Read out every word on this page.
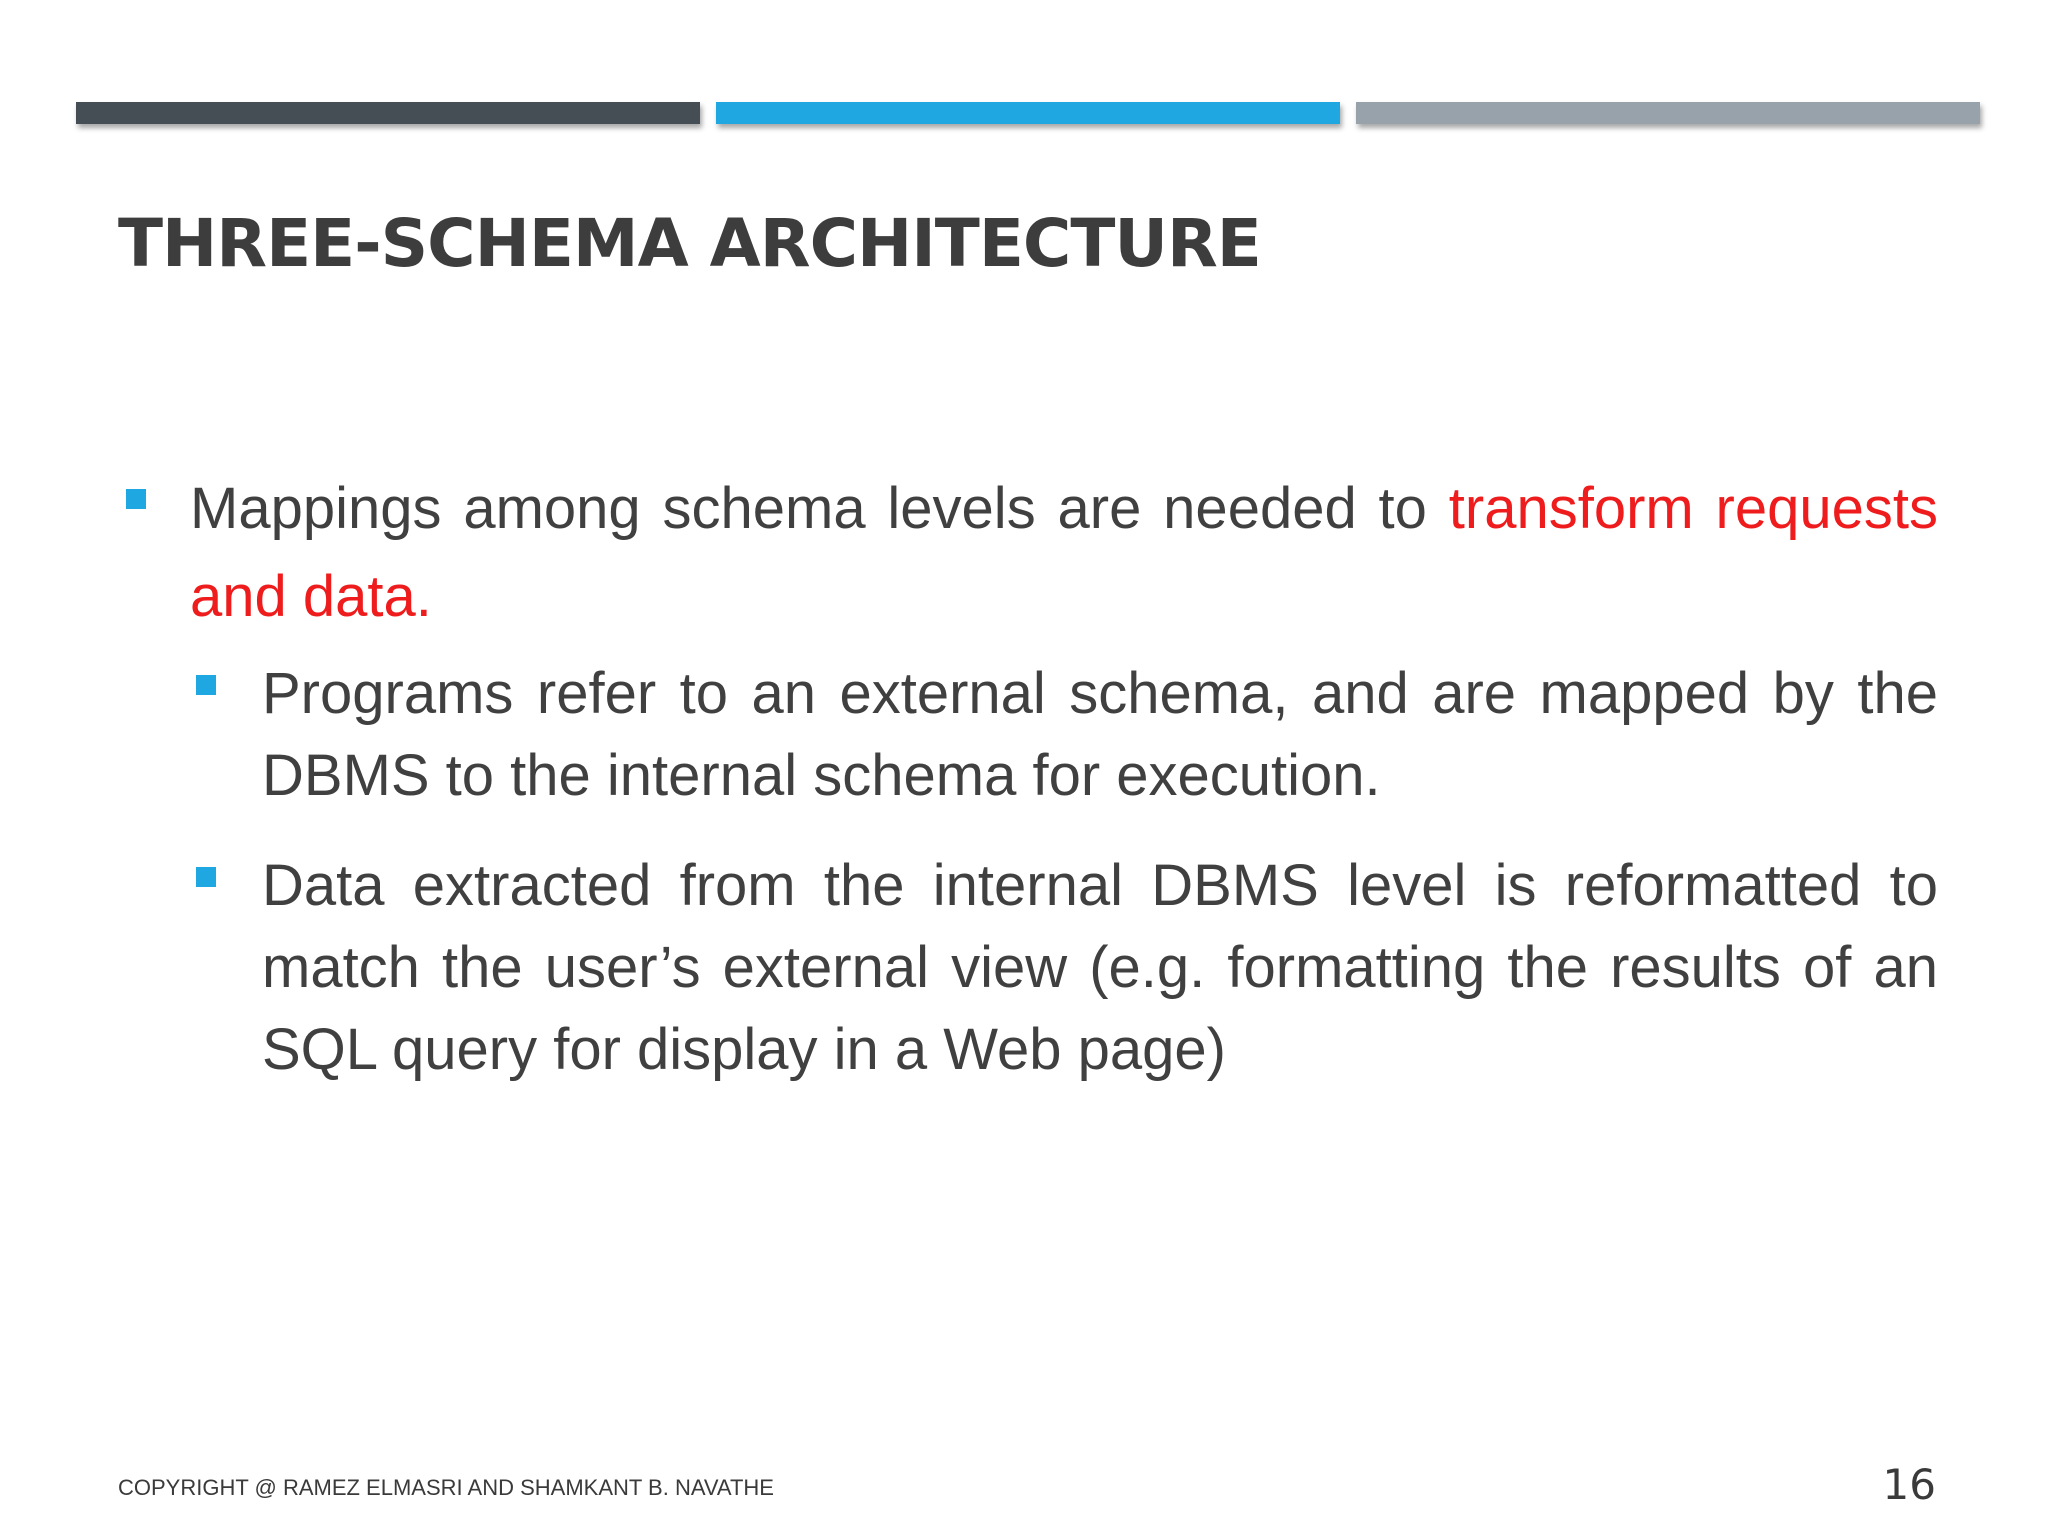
THREE-SCHEMA ARCHITECTURE
Mappings among schema levels are needed to transform requests and data.
Programs refer to an external schema, and are mapped by the DBMS to the internal schema for execution.
Data extracted from the internal DBMS level is reformatted to match the user’s external view (e.g. formatting the results of an SQL query for display in a Web page)
COPYRIGHT @ RAMEZ ELMASRI AND SHAMKANT B. NAVATHE	16
